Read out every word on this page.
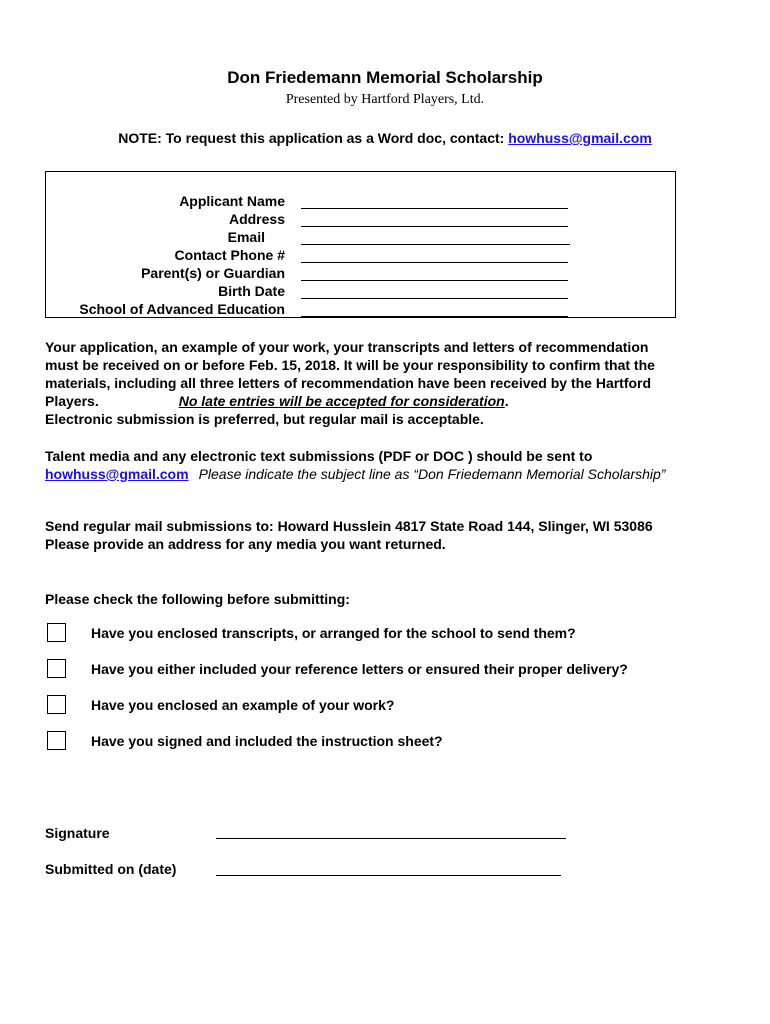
Don Friedemann Memorial Scholarship
Presented by Hartford Players, Ltd.
NOTE: To request this application as a Word doc, contact: howhuss@gmail.com
Applicant Name
Address
Email
Contact Phone #
Parent(s) or Guardian
Birth Date
School of Advanced Education
Your application, an example of your work, your transcripts and letters of recommendation
must be received on or before Feb. 15, 2018. It will be your responsibility to confirm that the
materials, including all three letters of recommendation have been received by the Hartford
Players.	No late entries will be accepted for consideration.
Electronic submission is preferred, but regular mail is acceptable.
Talent media and any electronic text submissions (PDF or DOC ) should be sent to
howhuss@gmail.com Please indicate the subject line as “Don Friedemann Memorial Scholarship”
Send regular mail submissions to: Howard Husslein 4817 State Road 144, Slinger, WI 53086
Please provide an address for any media you want returned.
Please check the following before submitting:
Have you enclosed transcripts, or arranged for the school to send them?
Have you either included your reference letters or ensured their proper delivery?
Have you enclosed an example of your work?
Have you signed and included the instruction sheet?
Signature
Submitted on (date)
